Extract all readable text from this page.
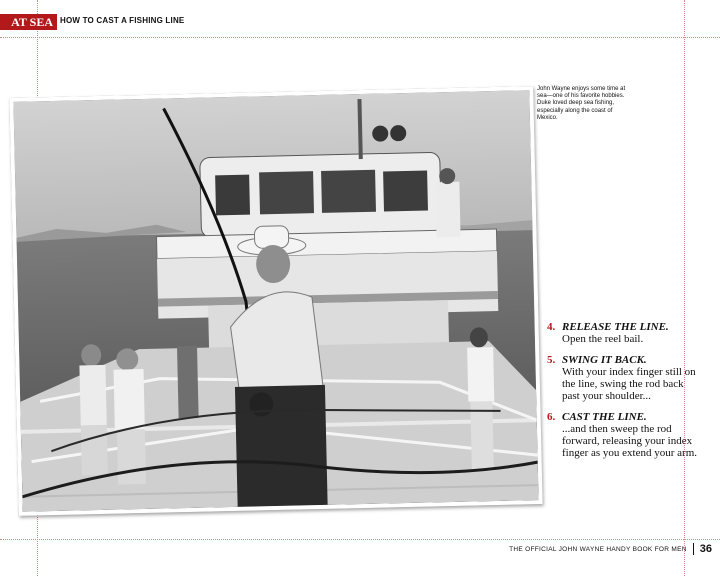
AT SEA HOW TO CAST A FISHING LINE
John Wayne enjoys some time at sea—one of his favorite hobbies. Duke loved deep sea fishing, especially along the coast of Mexico.
4. RELEASE THE LINE.
Open the reel bail.
5. SWING IT BACK.
With your index finger still on the line, swing the rod back past your shoulder...
6. CAST THE LINE.
...and then sweep the rod forward, releasing your index finger as you extend your arm.
THE OFFICIAL JOHN WAYNE HANDY BOOK FOR MEN 36
